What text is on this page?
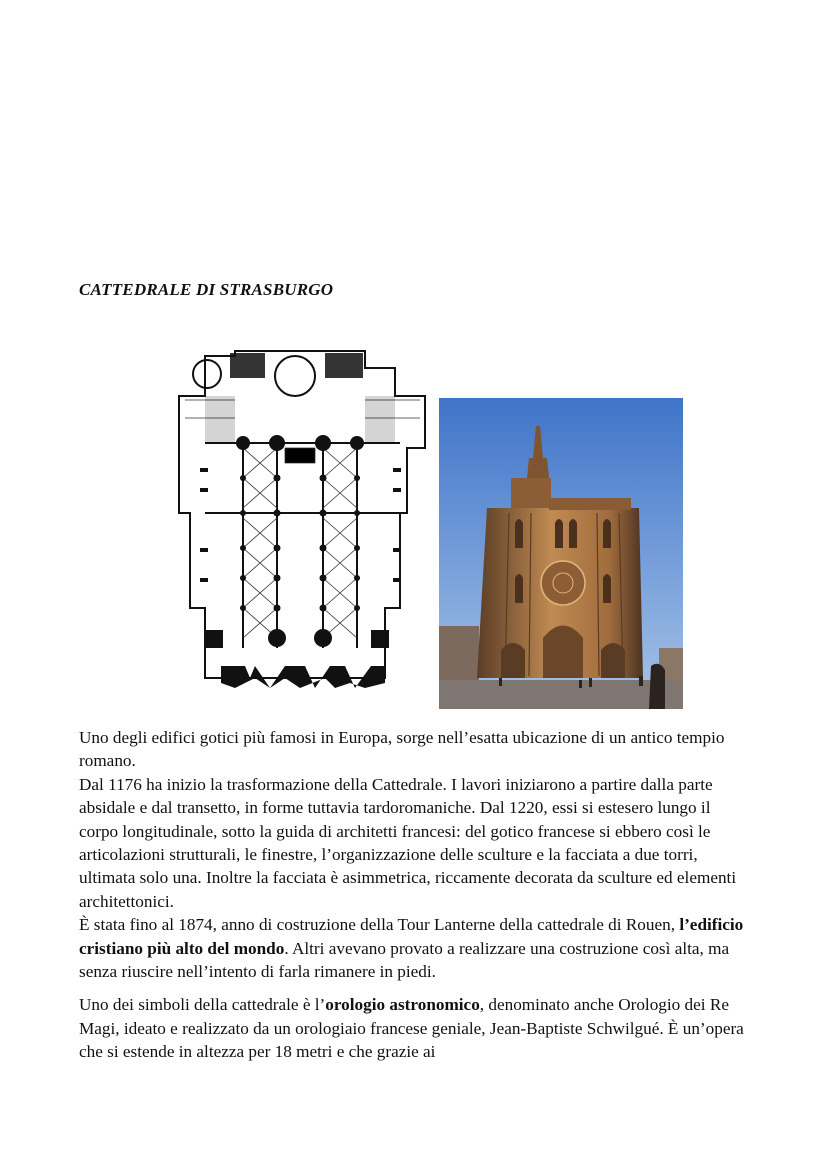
CATTEDRALE DI STRASBURGO

Uno degli edifici gotici più famosi in Europa, sorge nell’esatta ubicazione di un antico tempio romano.

Dal 1176 ha inizio la trasformazione della Cattedrale. I lavori iniziarono a partire dalla parte absidale e dal transetto, in forme tuttavia tardoromaniche. Dal 1220, essi si estesero lungo il corpo longitudinale, sotto la guida di architetti francesi: del gotico francese si ebbero così le articolazioni strutturali, le finestre, l’organizzazione delle sculture e la facciata a due torri, ultimata solo una. Inoltre la facciata è asimmetrica, riccamente decorata da sculture ed elementi architettonici.

È stata fino al 1874, anno di costruzione della Tour Lanterne della cattedrale di Rouen, l’edificio cristiano più alto del mondo. Altri avevano provato a realizzare una costruzione così alta, ma senza riuscire nell’intento di farla rimanere in piedi.

Uno dei simboli della cattedrale è l’orologio astronomico, denominato anche Orologio dei Re Magi, ideato e realizzato da un orologiaio francese geniale, Jean-Baptiste Schwilgué. È un’opera che si estende in altezza per 18 metri e che grazie ai
